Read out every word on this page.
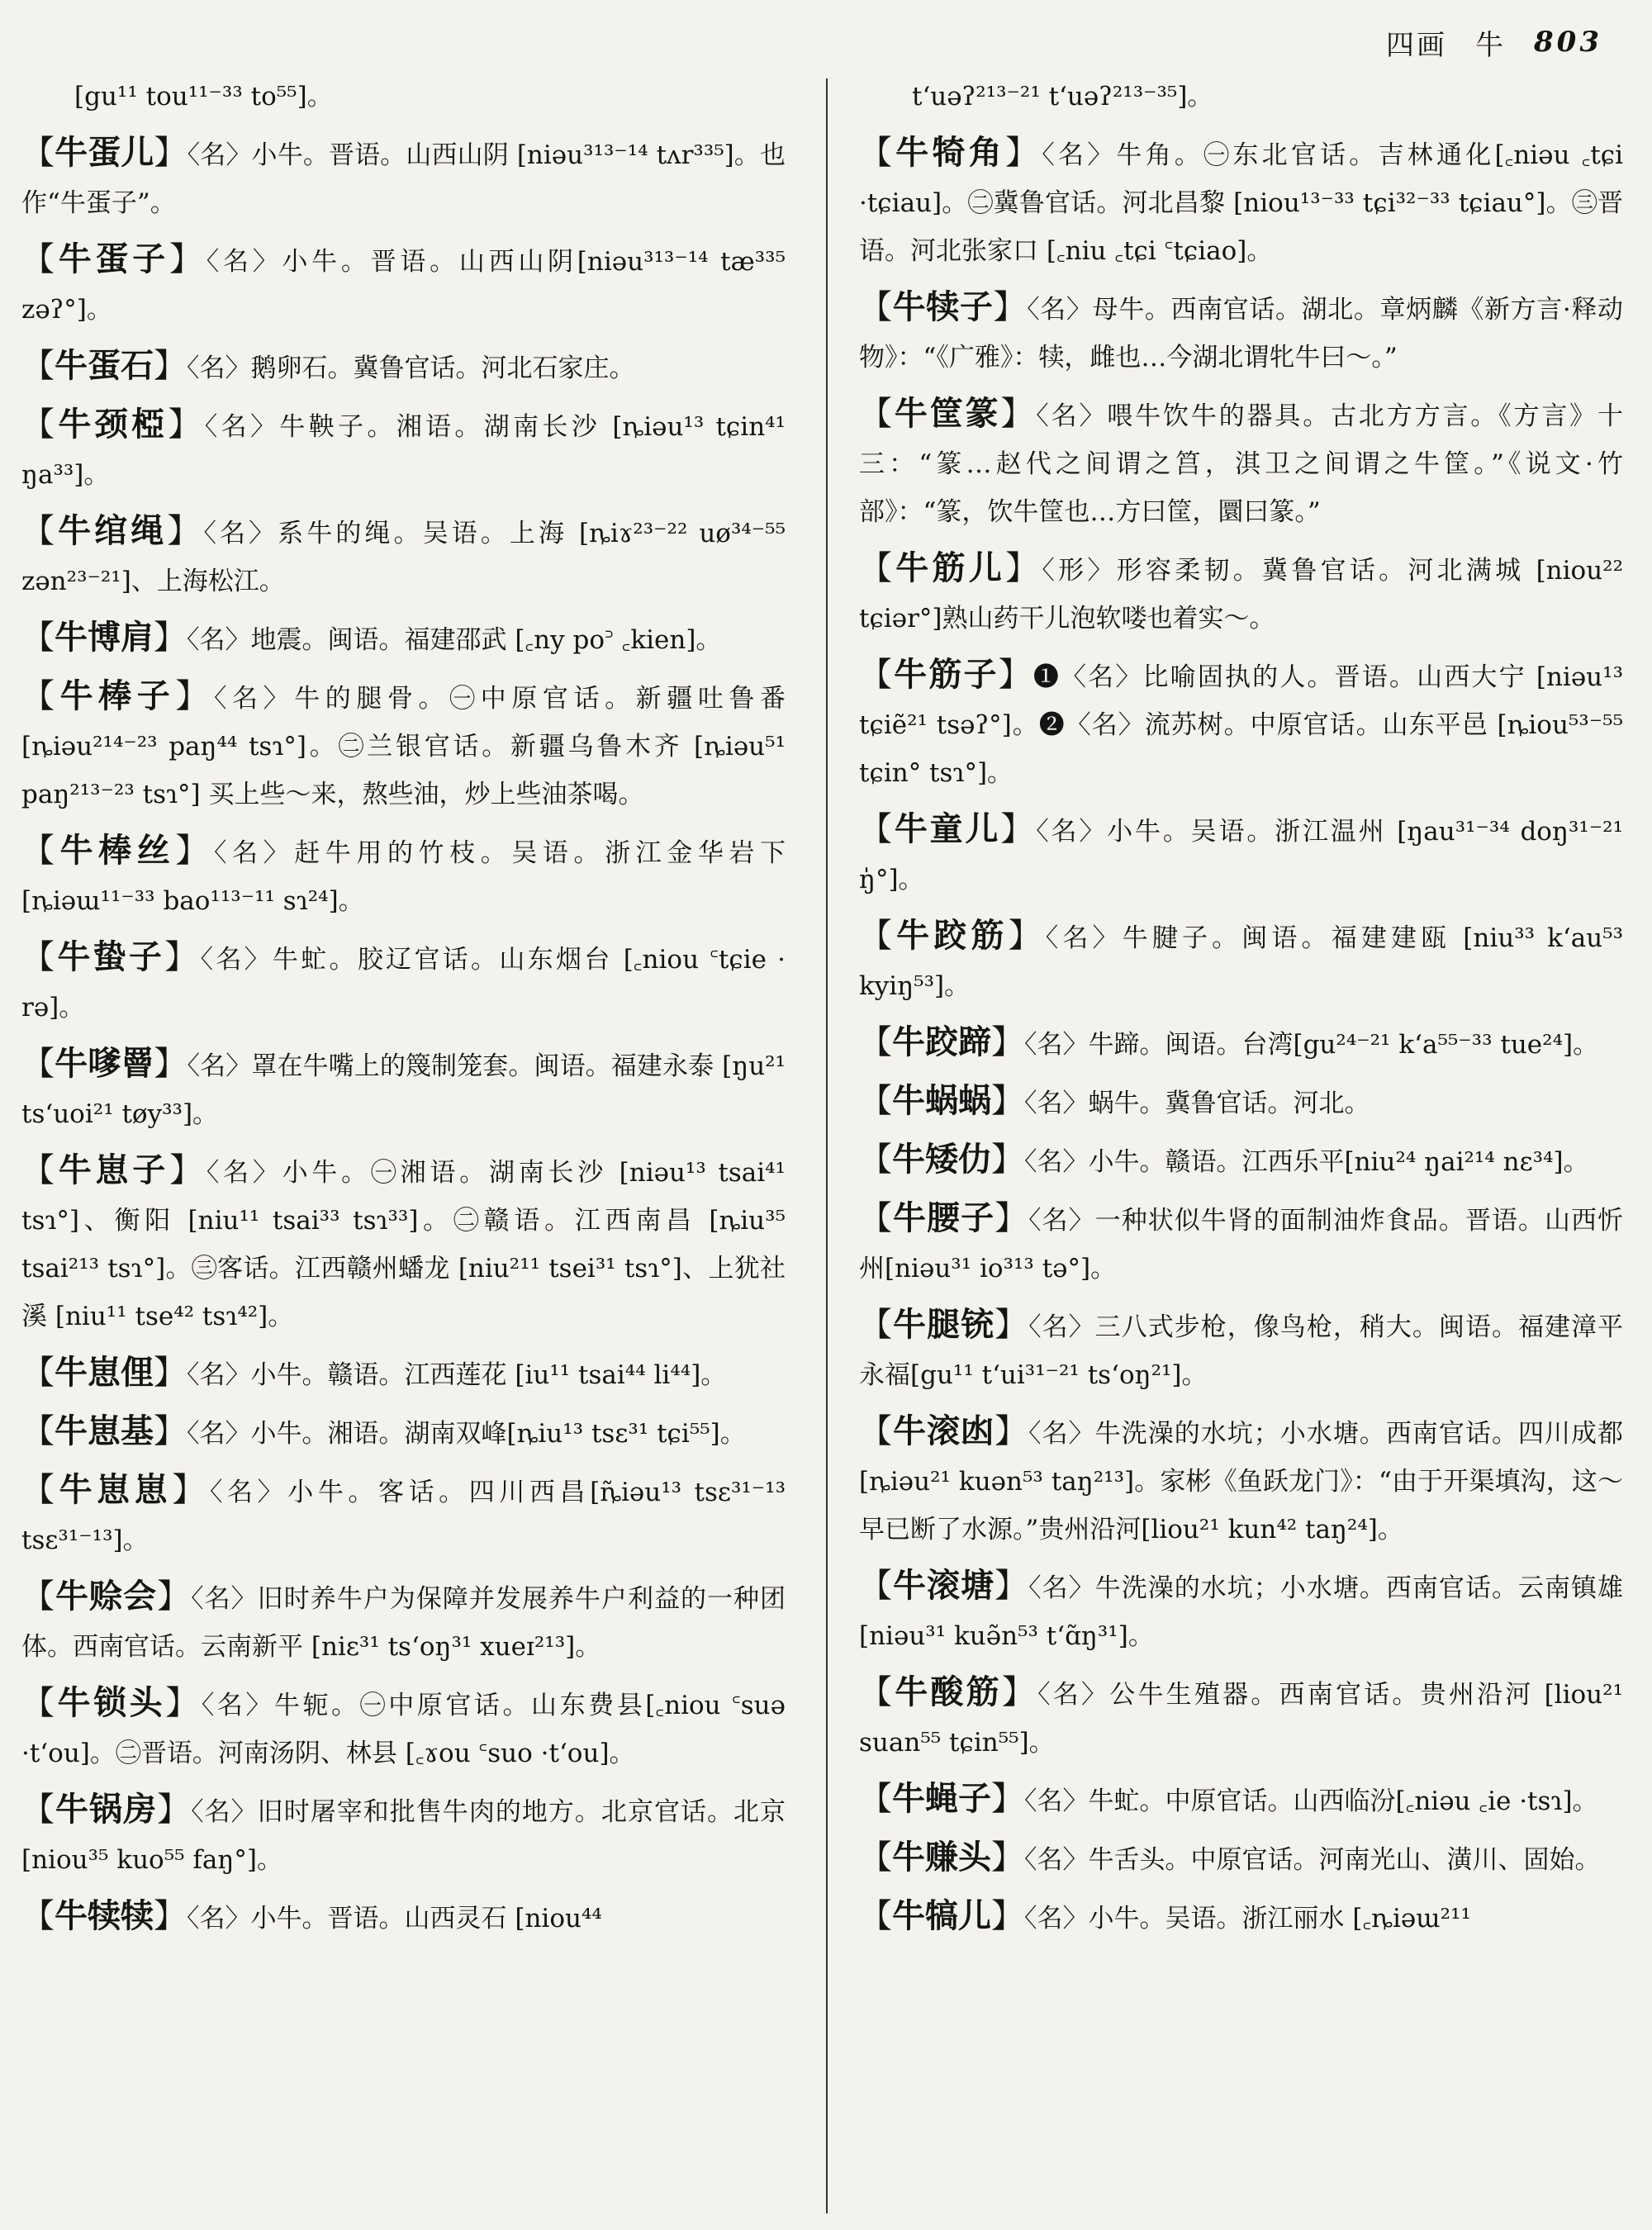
四画 牛 803
[gu¹¹ tou¹¹⁻³³ to⁵⁵]。
【牛蛋儿】〈名〉小牛。晋语。山西山阴 [niəu³¹³⁻¹⁴ tʌr³³⁵]。也作“牛蛋子”。
【牛蛋子】〈名〉小牛。晋语。山西山阴[niəu³¹³⁻¹⁴ tæ³³⁵ zəʔ°]。
【牛蛋石】〈名〉鹅卵石。冀鲁官话。河北石家庄。
【牛颈椏】〈名〉牛鞅子。湘语。湖南长沙 [ȵiəu¹³ tɕin⁴¹ ŋa³³]。
【牛绾绳】〈名〉系牛的绳。吴语。上海 [ȵiɤ²³⁻²² uø³⁴⁻⁵⁵ zən²³⁻²¹]、上海松江。
【牛博肩】〈名〉地震。闽语。福建邵武 [꜀ny po꜄ ꜀kien]。
【牛棒子】〈名〉牛的腿骨。㊀中原官话。新疆吐鲁番 [ȵiəu²¹⁴⁻²³ paŋ⁴⁴ tsɿ°]。㊁兰银官话。新疆乌鲁木齐 [ȵiəu⁵¹ paŋ²¹³⁻²³ tsɿ°] 买上些～来，熬些油，炒上些油茶喝。
【牛棒丝】〈名〉赶牛用的竹枝。吴语。浙江金华岩下 [ȵiəɯ¹¹⁻³³ bao¹¹³⁻¹¹ sɿ²⁴]。
【牛蛰子】〈名〉牛虻。胶辽官话。山东烟台 [꜀niou ꜂tɕie · rə]。
【牛嗲罾】〈名〉罩在牛嘴上的篾制笼套。闽语。福建永泰 [ŋu²¹ ts‘uoi²¹ tøy³³]。
【牛崽子】〈名〉小牛。㊀湘语。湖南长沙 [niəu¹³ tsai⁴¹ tsɿ°]、衡阳 [niu¹¹ tsai³³ tsɿ³³]。㊁赣语。江西南昌 [ȵiu³⁵ tsai²¹³ tsɿ°]。㊂客话。江西赣州蟠龙 [niu²¹¹ tsei³¹ tsɿ°]、上犹社溪 [niu¹¹ tse⁴² tsɿ⁴²]。
【牛崽俚】〈名〉小牛。赣语。江西莲花 [iu¹¹ tsai⁴⁴ li⁴⁴]。
【牛崽基】〈名〉小牛。湘语。湖南双峰[ȵiu¹³ tsɛ³¹ tɕi⁵⁵]。
【牛崽崽】〈名〉小牛。客话。四川西昌[ȵ̃iəu¹³ tsɛ³¹⁻¹³ tsɛ³¹⁻¹³]。
【牛赊会】〈名〉旧时养牛户为保障并发展养牛户利益的一种团体。西南官话。云南新平 [niɛ³¹ ts‘oŋ³¹ xueɪ²¹³]。
【牛锁头】〈名〉牛轭。㊀中原官话。山东费县[꜀niou ꜂suə ·t‘ou]。㊁晋语。河南汤阴、林县 [꜀ɤou ꜂suo ·t‘ou]。
【牛锅房】〈名〉旧时屠宰和批售牛肉的地方。北京官话。北京 [niou³⁵ kuo⁵⁵ faŋ°]。
【牛犊犊】〈名〉小牛。晋语。山西灵石 [niou⁴⁴
t‘uəʔ²¹³⁻²¹ t‘uəʔ²¹³⁻³⁵]。
【牛犄角】〈名〉牛角。㊀东北官话。吉林通化[꜀niəu ꜀tɕi ·tɕiau]。㊁冀鲁官话。河北昌黎 [niou¹³⁻³³ tɕi³²⁻³³ tɕiau°]。㊂晋语。河北张家口 [꜀niu ꜀tɕi ꜂tɕiao]。
【牛犊子】〈名〉母牛。西南官话。湖北。章炳麟《新方言·释动物》：“《广雅》：犊，雌也…今湖北谓牝牛曰～。”
【牛筐篆】〈名〉喂牛饮牛的器具。古北方方言。《方言》十三：“篆…赵代之间谓之筥，淇卫之间谓之牛筐。”《说文·竹部》：“篆，饮牛筐也…方曰筐，圜曰篆。”
【牛筋儿】〈形〉形容柔韧。冀鲁官话。河北满城 [niou²² tɕiər°]熟山药干儿泡软喽也着实～。
【牛筋子】❶〈名〉比喻固执的人。晋语。山西大宁 [niəu¹³ tɕiẽ²¹ tsəʔ°]。❷〈名〉流苏树。中原官话。山东平邑 [ȵiou⁵³⁻⁵⁵ tɕin° tsɿ°]。
【牛童儿】〈名〉小牛。吴语。浙江温州 [ŋau³¹⁻³⁴ doŋ³¹⁻²¹ ŋ̍°]。
【牛跤筋】〈名〉牛腱子。闽语。福建建瓯 [niu³³ k‘au⁵³ kyiŋ⁵³]。
【牛跤蹄】〈名〉牛蹄。闽语。台湾[gu²⁴⁻²¹ k‘a⁵⁵⁻³³ tue²⁴]。
【牛蜗蜗】〈名〉蜗牛。冀鲁官话。河北。
【牛矮仂】〈名〉小牛。赣语。江西乐平[niu²⁴ ŋai²¹⁴ nɛ³⁴]。
【牛腰子】〈名〉一种状似牛肾的面制油炸食品。晋语。山西忻州[niəu³¹ io³¹³ tə°]。
【牛腿铳】〈名〉三八式步枪，像鸟枪，稍大。闽语。福建漳平永福[gu¹¹ t‘ui³¹⁻²¹ ts‘oŋ²¹]。
【牛滚凼】〈名〉牛洗澡的水坑；小水塘。西南官话。四川成都[ȵiəu²¹ kuən⁵³ taŋ²¹³]。家彬《鱼跃龙门》：“由于开渠填沟，这～早已断了水源。”贵州沿河[liou²¹ kun⁴² taŋ²⁴]。
【牛滚塘】〈名〉牛洗澡的水坑；小水塘。西南官话。云南镇雄 [niəu³¹ kuə̃n⁵³ t‘ɑ̃ŋ³¹]。
【牛酸筋】〈名〉公牛生殖器。西南官话。贵州沿河 [liou²¹ suan⁵⁵ tɕin⁵⁵]。
【牛蝇子】〈名〉牛虻。中原官话。山西临汾[꜀niəu ꜀ie ·tsɿ]。
【牛赚头】〈名〉牛舌头。中原官话。河南光山、潢川、固始。
【牛犒儿】〈名〉小牛。吴语。浙江丽水 [꜀ȵiəɯ²¹¹
